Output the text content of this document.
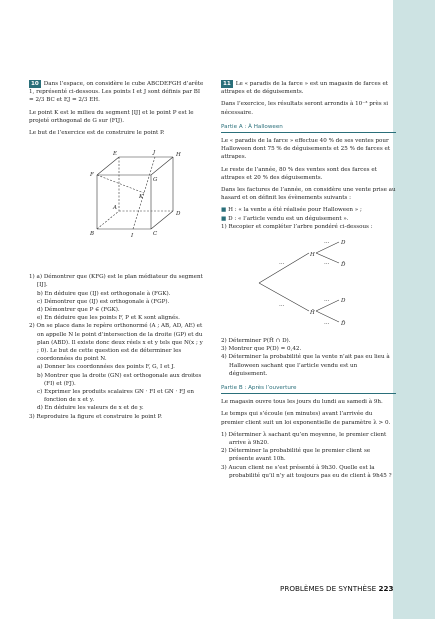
10 Dans l’espace, on considère le cube ABCDEFGH d’arête 1, représenté ci-dessous. Les points I et J sont définis par BI = 2/3 BC et EJ = 2/3 EH.

Le point K est le milieu du segment [IJ] et le point P est le projeté orthogonal de G sur (FIJ).

Le but de l’exercice est de construire le point P.

E	J	H
F
G
K
A
D
B	I	C
1) a) Démontrer que (KFG) est le plan médiateur du segment [IJ].
b) En déduire que (IJ) est orthogonale à (FGK).
c) Démontrer que (IJ) est orthogonale à (FGP).
d) Démontrer que P ∈ (FGK).
e) En déduire que les points F, P et K sont alignés.
2) On se place dans le repère orthonormé (A ; AB, AD, AE) et on appelle N le point d’intersection de la droite (GP) et du plan (ABD). Il existe donc deux réels x et y tels que N(x ; y ; 0). Le but de cette question est de déterminer les coordonnées du point N.
a) Donner les coordonnées des points F, G, I et J.
b) Montrer que la droite (GN) est orthogonale aux droites (FI) et (FJ).
c) Exprimer les produits scalaires GN · FI et GN · FJ en fonction de x et y.
d) En déduire les valeurs de x et de y.
3) Reproduire la figure et construire le point P.

11 Le « paradis de la farce » est un magasin de farces et attrapes et de déguisements.

Dans l’exercice, les résultats seront arrondis à 10⁻³ près si nécessaire.

Partie A : À Halloween

Le « paradis de la farce » effectue 40 % de ses ventes pour Halloween dont 75 % de déguisements et 25 % de farces et attrapes.

Le reste de l’année, 80 % des ventes sont des farces et attrapes et 20 % des déguisements.

Dans les factures de l’année, on considère une vente prise au hasard et on définit les évènements suivants :

■ H : « la vente a été réalisée pour Halloween » ;
■ D : « l’article vendu est un déguisement ».
1) Recopier et compléter l’arbre pondéré ci-dessous :
H
H̄
D
D̄
D
D̄
…
…
…
…
…
…
2) Déterminer P(H̄ ∩ D).
3) Montrer que P(D) = 0,42.
4) Déterminer la probabilité que la vente n’ait pas eu lieu à Halloween sachant que l’article vendu est un déguisement.
Partie B : Après l’ouverture

Le magasin ouvre tous les jours du lundi au samedi à 9h.

Le temps qui s’écoule (en minutes) avant l’arrivée du premier client suit un loi exponentielle de paramètre λ > 0.

1) Déterminer λ sachant qu’en moyenne, le premier client arrive à 9h20.
2) Déterminer la probabilité que le premier client se présente avant 10h.
3) Aucun client ne s’est présenté à 9h30. Quelle est la probabilité qu’il n’y ait toujours pas eu de client à 9h45 ?
PROBLÈMES DE SYNTHÈSE 223
